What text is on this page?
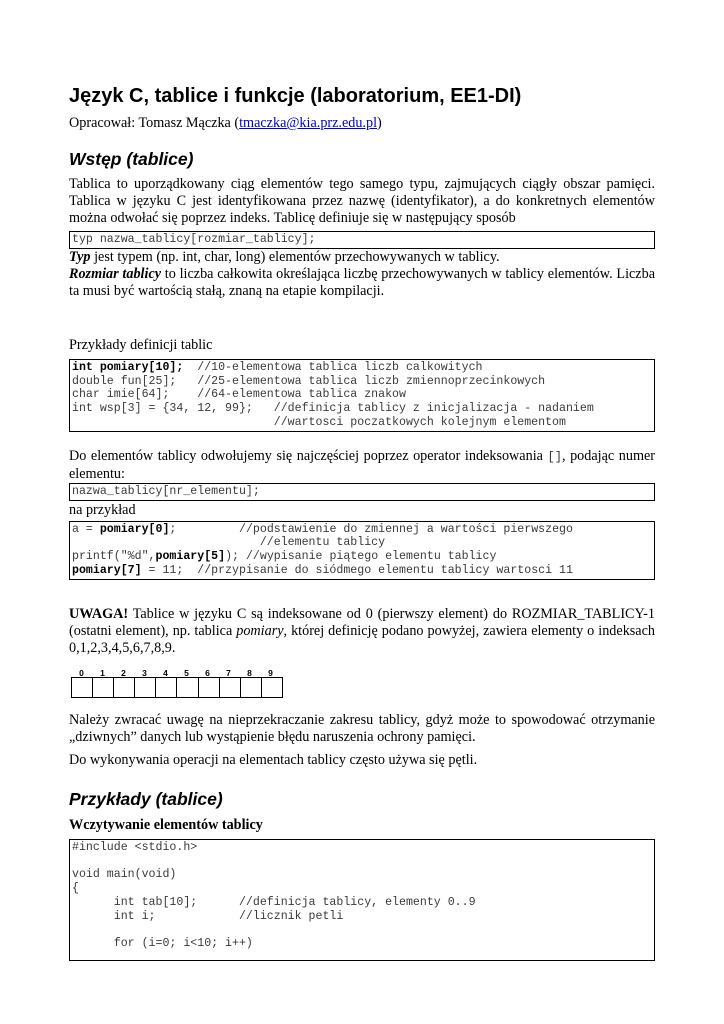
Język C, tablice i funkcje (laboratorium, EE1-DI)

Opracował: Tomasz Mączka (tmaczka@kia.prz.edu.pl)

Wstęp (tablice)

Tablica to uporządkowany ciąg elementów tego samego typu, zajmujących ciągły obszar pamięci. Tablica w języku C jest identyfikowana przez nazwę (identyfikator), a do konkretnych elementów można odwołać się poprzez indeks. Tablicę definiuje się w następujący sposób

typ nazwa_tablicy[rozmiar_tablicy];

Typ jest typem (np. int, char, long) elementów przechowywanych w tablicy.

Rozmiar tablicy to liczba całkowita określająca liczbę przechowywanych w tablicy elementów. Liczba ta musi być wartością stałą, znaną na etapie kompilacji.

Przykłady definicji tablic

int pomiary[10];  //10-elementowa tablica liczb calkowitych
double fun[25];   //25-elementowa tablica liczb zmiennoprzecinkowych
char imie[64];    //64-elementowa tablica znakow
int wsp[3] = {34, 12, 99};   //definicja tablicy z inicjalizacja - nadaniem
//wartosci poczatkowych kolejnym elementom

Do elementów tablicy odwołujemy się najczęściej poprzez operator indeksowania [], podając numer elementu:

nazwa_tablicy[nr_elementu];

na przykład

a = pomiary[0];         //podstawienie do zmiennej a wartości pierwszego
//elementu tablicy
printf("%d",pomiary[5]); //wypisanie piątego elementu tablicy
pomiary[7] = 11;  //przypisanie do siódmego elementu tablicy wartosci 11

UWAGA! Tablice w języku C są indeksowane od 0 (pierwszy element) do ROZMIAR_TABLICY-1 (ostatni element), np. tablica pomiary, której definicję podano powyżej, zawiera elementy o indeksach 0,1,2,3,4,5,6,7,8,9.

0	1	2	3	4	5	6	7	8	9

Należy zwracać uwagę na nieprzekraczanie zakresu tablicy, gdyż może to spowodować otrzymanie „dziwnych” danych lub wystąpienie błędu naruszenia ochrony pamięci.

Do wykonywania operacji na elementach tablicy często używa się pętli.

Przykłady (tablice)

Wczytywanie elementów tablicy

#include <stdio.h>

void main(void)
{
int tab[10];      //definicja tablicy, elementy 0..9
int i;            //licznik petli

for (i=0; i<10; i++)
